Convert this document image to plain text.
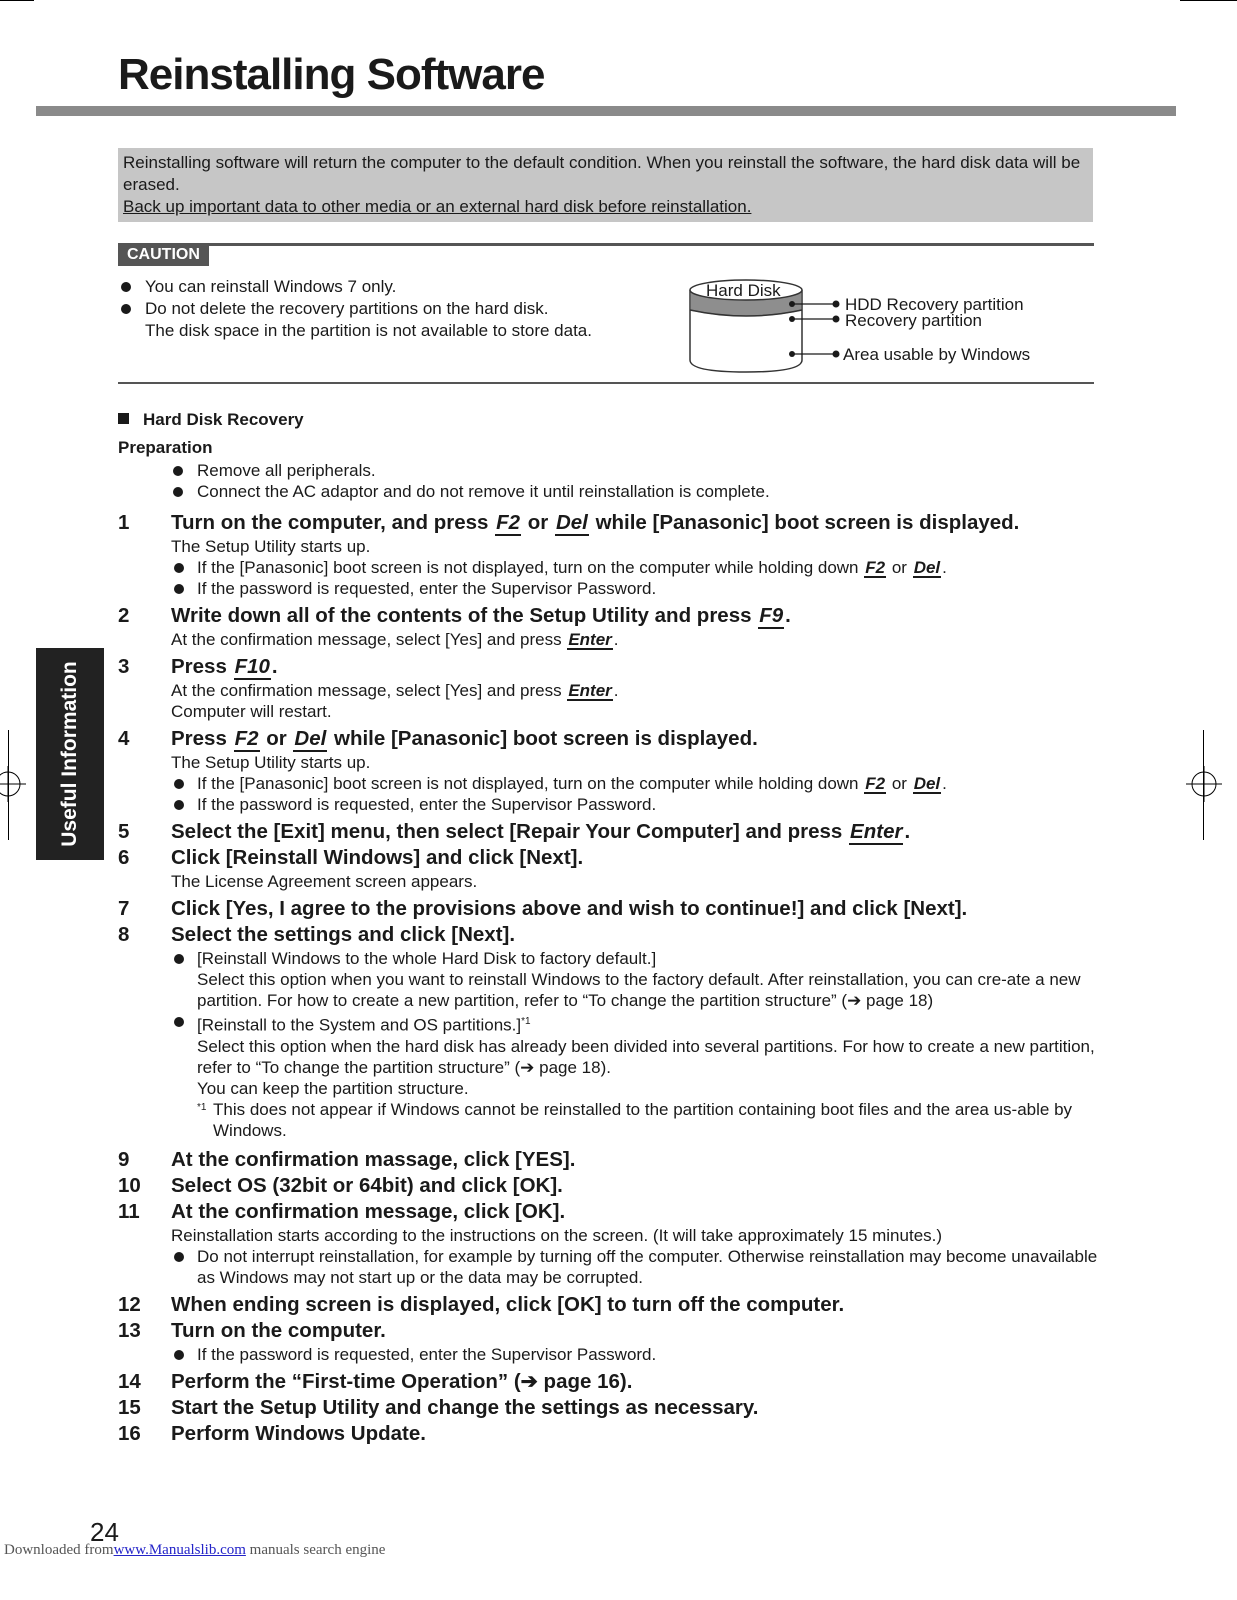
Reinstalling Software
Reinstalling software will return the computer to the default condition. When you reinstall the software, the hard disk data will be erased.
Back up important data to other media or an external hard disk before reinstallation.
CAUTION
You can reinstall Windows 7 only.
Do not delete the recovery partitions on the hard disk.
The disk space in the partition is not available to store data.
Hard Disk
HDD Recovery partition
Recovery partition
Area usable by Windows
Useful Information
Hard Disk Recovery
Preparation
Remove all peripherals.
Connect the AC adaptor and do not remove it until reinstallation is complete.
1 Turn on the computer, and press F2 or Del while [Panasonic] boot screen is displayed.
The Setup Utility starts up.
If the [Panasonic] boot screen is not displayed, turn on the computer while holding down F2 or Del .
If the password is requested, enter the Supervisor Password.
2 Write down all of the contents of the Setup Utility and press F9.
At the confirmation message, select [Yes] and press Enter .
3 Press F10.
At the confirmation message, select [Yes] and press Enter .
Computer will restart.
4 Press F2 or Del while [Panasonic] boot screen is displayed.
The Setup Utility starts up.
If the [Panasonic] boot screen is not displayed, turn on the computer while holding down F2 or Del .
If the password is requested, enter the Supervisor Password.
5 Select the [Exit] menu, then select [Repair Your Computer] and press Enter.
6 Click [Reinstall Windows] and click [Next].
The License Agreement screen appears.
7 Click [Yes, I agree to the provisions above and wish to continue!] and click [Next].
8 Select the settings and click [Next].
[Reinstall Windows to the whole Hard Disk to factory default.]
Select this option when you want to reinstall Windows to the factory default. After reinstallation, you can cre-ate a new partition. For how to create a new partition, refer to “To change the partition structure” (➔ page 18)
[Reinstall to the System and OS partitions.]$^{*1}$
Select this option when the hard disk has already been divided into several partitions. For how to create a new partition, refer to “To change the partition structure” (➔ page 18).
You can keep the partition structure.
*1 This does not appear if Windows cannot be reinstalled to the partition containing boot files and the area us-able by Windows.
9 At the confirmation massage, click [YES].
10 Select OS (32bit or 64bit) and click [OK].
11 At the confirmation message, click [OK].
Reinstallation starts according to the instructions on the screen. (It will take approximately 15 minutes.)
Do not interrupt reinstallation, for example by turning off the computer. Otherwise reinstallation may become unavailable as Windows may not start up or the data may be corrupted.
12 When ending screen is displayed, click [OK] to turn off the computer.
13 Turn on the computer.
If the password is requested, enter the Supervisor Password.
14 Perform the “First-time Operation” (➔ page 16).
15 Start the Setup Utility and change the settings as necessary.
16 Perform Windows Update.
24
Downloaded fromwww.Manualslib.com manuals search engine
